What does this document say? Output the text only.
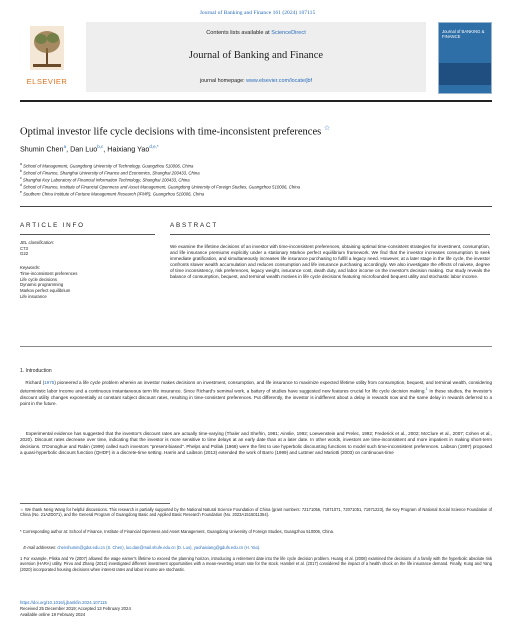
Journal of Banking and Finance 161 (2024) 107115
ELSEVIER
Contents lists available at ScienceDirect
Journal of Banking and Finance
journal homepage: www.elsevier.com/locate/jbf
Journal of BANKING & FINANCE
Optimal investor life cycle decisions with time-inconsistent preferences ☆
Shumin Chen$^a$, Dan Luo$^{b,c}$, Haixiang Yao$^{d,e,*}$
$^a$ School of Management, Guangdong University of Technology, Guangzhou 510006, China
$^b$ School of Finance, Shanghai University of Finance and Economics, Shanghai 200433, China
$^c$ Shanghai Key Laboratory of Financial Information Technology, Shanghai 200433, China
$^d$ School of Finance, Institute of Financial Openness and Asset Management, Guangdong University of Foreign Studies, Guangzhou 510006, China
$^e$ Southern China Institute of Fortune Management Research (IFMR), Guangzhou 510006, China
ARTICLE INFO
JEL classification:
C73
G22
Keywords:
Time-inconsistent preferences
Life cycle decisions
Dynamic programming
Markov perfect equilibrium
Life insurance
ABSTRACT
We examine the lifetime decisions of an investor with time-inconsistent preferences, obtaining optimal time-consistent strategies for investment, consumption, and life insurance premiums explicitly under a stationary Markov perfect equilibrium framework. We find that the investor increases consumption to seek immediate gratification, and simultaneously increases life insurance purchasing to fulfill a legacy need. However, at a later stage in the life cycle, the investor confronts slower wealth accumulation and reduces consumption and life insurance purchasing accordingly. We also investigate the effects of naivete, degree of time inconsistency, risk preferences, legacy weight, insurance cost, death duty, and labor income on the investor's decision making. Our study reveals the balance of consumption, bequest, and terminal wealth motives in life cycle decisions featuring microfounded bequest utility and stochastic labor income.
1. Introduction
Richard (1975) pioneered a life cycle problem wherein an investor makes decisions on investment, consumption, and life insurance to maximize expected lifetime utility from consumption, bequest, and terminal wealth, considering deterministic labor income and a continuous instantaneous term life insurance. Since Richard's seminal work, a battery of studies have suggested new features crucial for life cycle decision making.$^1$ In these studies, the investor's discount utility changes exponentially at constant subject discount rates, resulting in time-consistent preferences. Put differently, the investor is indifferent about a delay in rewards now and the same delay in rewards deferred to a point in the future.
Experimental evidence has suggested that the investor's discount rates are actually time-varying (Thaler and Shefrin, 1981; Ainslie, 1992; Loewenstein and Prelec, 1992; Frederick et al., 2002; McClure et al., 2007; Cohen et al., 2020). Discount rates decrease over time, indicating that the investor is more sensitive to time delays at an early date than at a later date. In other words, investors are time-inconsistent and more impatient in making short-term decisions. O'Donoghue and Rabin (1999) called such investors "present-biased". Phelps and Pollak (1968) were the first to use hyperbolic discounting functions to model such time-inconsistent preferences. Laibson (1997) proposed a quasi-hyperbolic discount function (QHDF) in a discrete-time setting. Harris and Laibson (2013) extended the work of Barro (1999) and Luttmer and Mariotti (2003) on continuous-time
☆ We thank Neng Wang for helpful discussions. This research is partially supported by the National Natural Science Foundation of China (grant numbers: 72171056, 71871071, 72071051, 71971223), the Key Program of National Social Science Foundation of China (No. 21AZD071), and the General Program of Guangdong Basic and Applied Basic Research Foundation (No. 2023A1515011354).
* Corresponding author at: School of Finance, Institute of Financial Openness and Asset Management, Guangdong University of Foreign Studies, Guangzhou 510006, China.
E-mail addresses: chenshumin@gdut.edu.cn (S. Chen), luo.dan@mail.shufe.edu.cn (D. Luo), yaohaixiang@gdufs.edu.cn (H. Yao).
1 For example, Pliska and Ye (2007) allowed the wage earner's lifetime to exceed the planning horizon, introducing a retirement date into the life cycle decision problem. Huang et al. (2008) examined the decisions of a family with the hyperbolic absolute risk aversion (HARA) utility. Pirvu and Zhang (2012) investigated different investment opportunities with a mean-reverting return rate for the stock. Hambel et al. (2017) considered the impact of a health shock on the life insurance demand. Finally, Kung and Yang (2020) incorporated housing decisions when interest rates and labor income are stochastic.
https://doi.org/10.1016/j.jbankfin.2024.107115
Received 25 December 2019; Accepted 13 February 2024
Available online 19 February 2024
